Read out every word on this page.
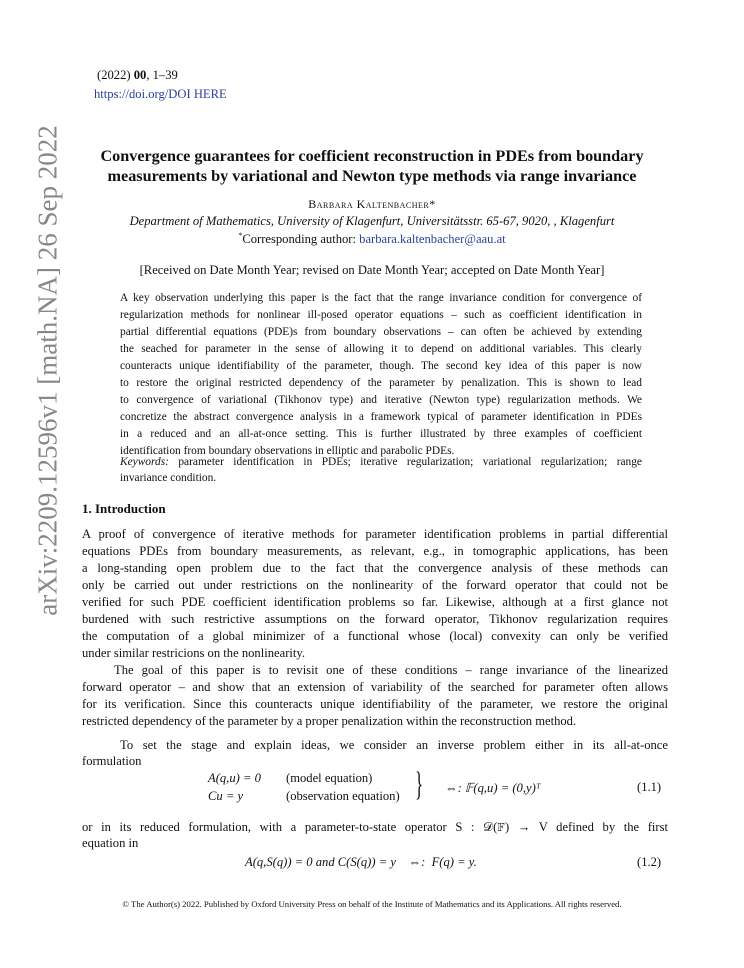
arXiv:2209.12596v1 [math.NA] 26 Sep 2022
(2022) 00, 1–39
https://doi.org/DOI HERE
Convergence guarantees for coefficient reconstruction in PDEs from boundary
measurements by variational and Newton type methods via range invariance
Barbara Kaltenbacher*
Department of Mathematics, University of Klagenfurt, Universitätsstr. 65-67, 9020, , Klagenfurt
*Corresponding author: barbara.kaltenbacher@aau.at
[Received on Date Month Year; revised on Date Month Year; accepted on Date Month Year]
A key observation underlying this paper is the fact that the range invariance condition for convergence of
regularization methods for nonlinear ill-posed operator equations – such as coefficient identification in
partial differential equations (PDE)s from boundary observations – can often be achieved by extending
the seached for parameter in the sense of allowing it to depend on additional variables. This clearly
counteracts unique identifiability of the parameter, though. The second key idea of this paper is now
to restore the original restricted dependency of the parameter by penalization. This is shown to lead
to convergence of variational (Tikhonov type) and iterative (Newton type) regularization methods. We
concretize the abstract convergence analysis in a framework typical of parameter identification in PDEs
in a reduced and an all-at-once setting. This is further illustrated by three examples of coefficient
identification from boundary observations in elliptic and parabolic PDEs.
Keywords: parameter identification in PDEs; iterative regularization; variational regularization; range
invariance condition.
1. Introduction
A proof of convergence of iterative methods for parameter identification problems in partial differential
equations PDEs from boundary measurements, as relevant, e.g., in tomographic applications, has been
a long-standing open problem due to the fact that the convergence analysis of these methods can
only be carried out under restrictions on the nonlinearity of the forward operator that could not be
verified for such PDE coefficient identification problems so far. Likewise, although at a first glance not
burdened with such restrictive assumptions on the forward operator, Tikhonov regularization requires
the computation of a global minimizer of a functional whose (local) convexity can only be verified
under similar restricions on the nonlinearity.
The goal of this paper is to revisit one of these conditions – range invariance of the linearized
forward operator – and show that an extension of variability of the searched for parameter often allows
for its verification. Since this counteracts unique identifiability of the parameter, we restore the original
restricted dependency of the parameter by a proper penalization within the reconstruction method.
To set the stage and explain ideas, we consider an inverse problem either in its all-at-once
formulation
A(q,u) = 0
Cu = y
(model equation)
(observation equation) } ⇔: 𝔽(q,u) = (0,y)ᵀ	(1.1)
or in its reduced formulation, with a parameter-to-state operator S : 𝒟(𝔽) → V defined by the first
equation in
A(q,S(q)) = 0 and C(S(q)) = y    ⇔:  F(q) = y.	(1.2)
© The Author(s) 2022. Published by Oxford University Press on behalf of the Institute of Mathematics and its Applications. All rights reserved.
